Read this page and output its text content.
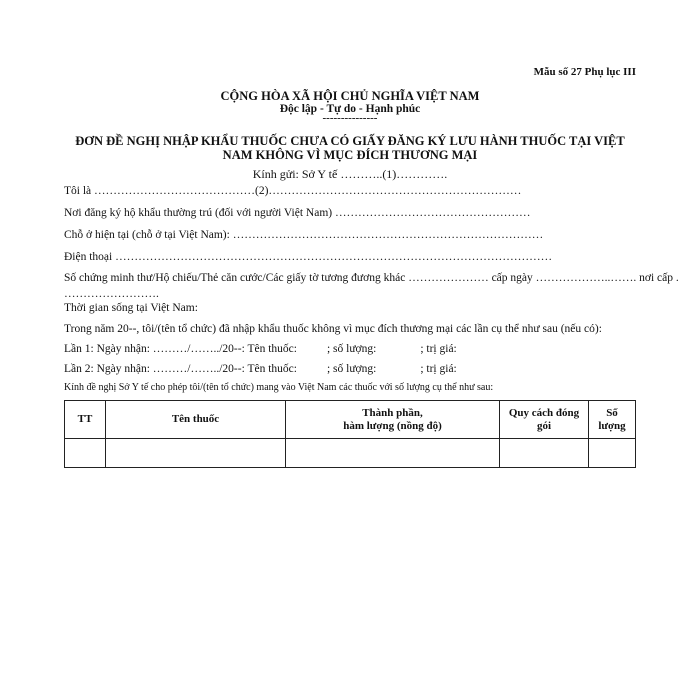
Mẫu số 27 Phụ lục III
CỘNG HÒA XÃ HỘI CHỦ NGHĨA VIỆT NAM
Độc lập - Tự do - Hạnh phúc
---------------
ĐƠN ĐỀ NGHỊ NHẬP KHẨU THUỐC CHƯA CÓ GIẤY ĐĂNG KÝ LƯU HÀNH THUỐC TẠI VIỆT NAM KHÔNG VÌ MỤC ĐÍCH THƯƠNG MẠI
Kính gửi: Sở Y tế ………..(1)………….
Tôi là ……………………………………(2)…………………………………………………………
Nơi đăng ký hộ khẩu thường trú (đối với người Việt Nam) ……………………………………………
Chỗ ở hiện tại (chỗ ở tại Việt Nam): ………………………………………………………………………
Điện thoại ……………………………………………………………………………………………………
Số chứng minh thư/Hộ chiếu/Thẻ căn cước/Các giấy tờ tương đương khác ………………… cấp ngày ………………..……. nơi cấp .
…………………….
Thời gian sống tại Việt Nam:
Trong năm 20--, tôi/(tên tổ chức) đã nhập khẩu thuốc không vì mục đích thương mại các lần cụ thể như sau (nếu có):
Lần 1: Ngày nhận: ………/……../20--: Tên thuốc:	; số lượng:	; trị giá:
Lần 2: Ngày nhận: ………/……../20--: Tên thuốc:	; số lượng:	; trị giá:
Kính đề nghị Sở Y tế cho phép tôi/(tên tổ chức) mang vào Việt Nam các thuốc với số lượng cụ thể như sau:
TT	Tên thuốc	Thành phần,
hàm lượng (nồng độ)	Quy cách đóng
gói	Số lượng
